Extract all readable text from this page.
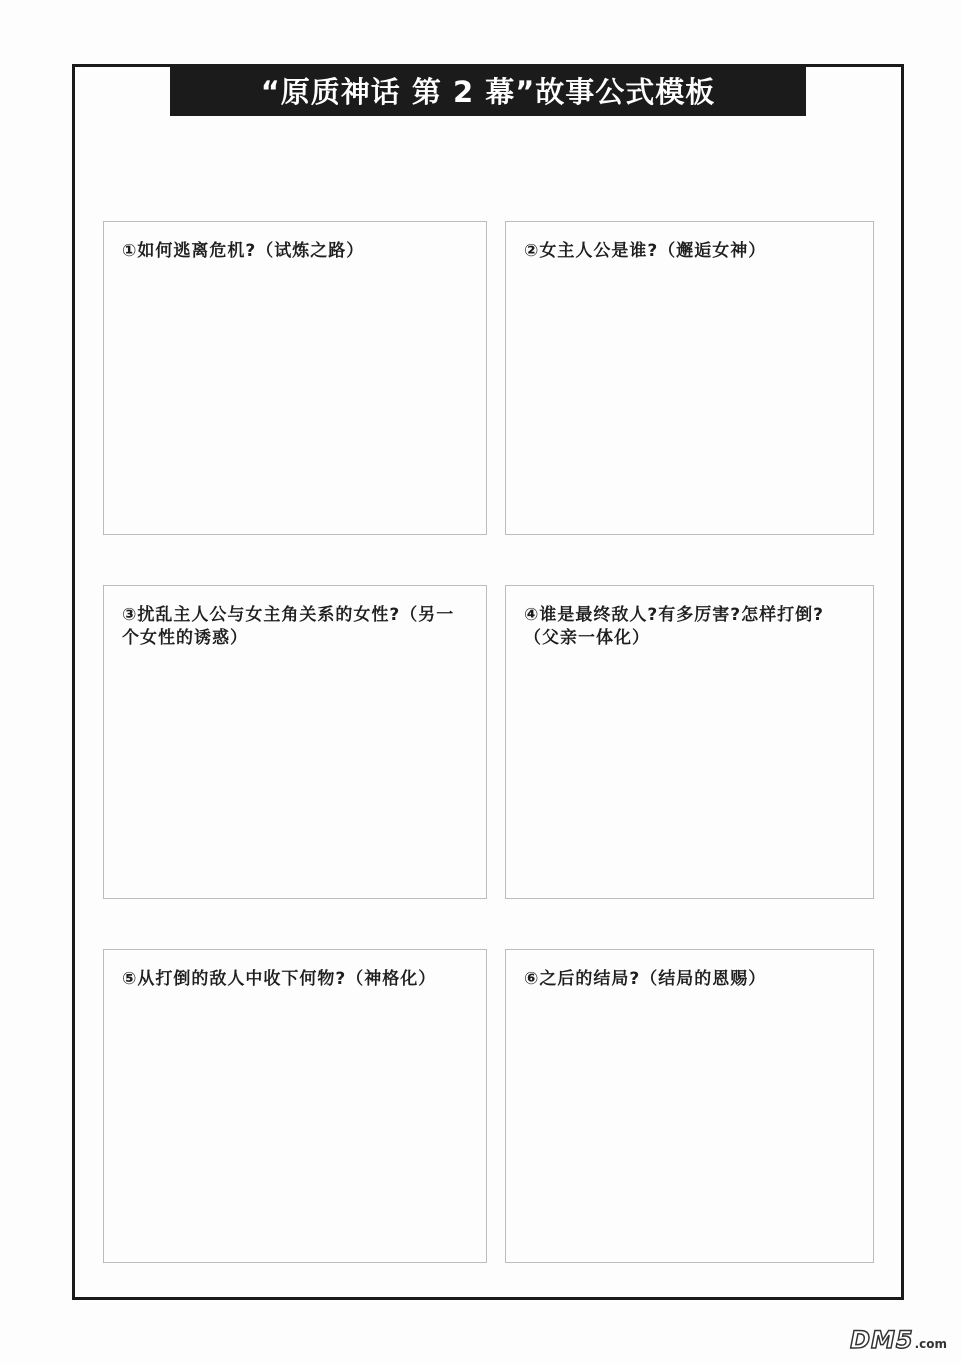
“原质神话 第 2 幕”故事公式模板
①如何逃离危机?（试炼之路）	②女主人公是谁?（邂逅女神）
③扰乱主人公与女主角关系的女性?（另一个女性的诱惑）
④谁是最终敌人?有多厉害?怎样打倒?（父亲一体化）
⑤从打倒的敌人中收下何物?（神格化）	⑥之后的结局?（结局的恩赐）
DM5 .com
